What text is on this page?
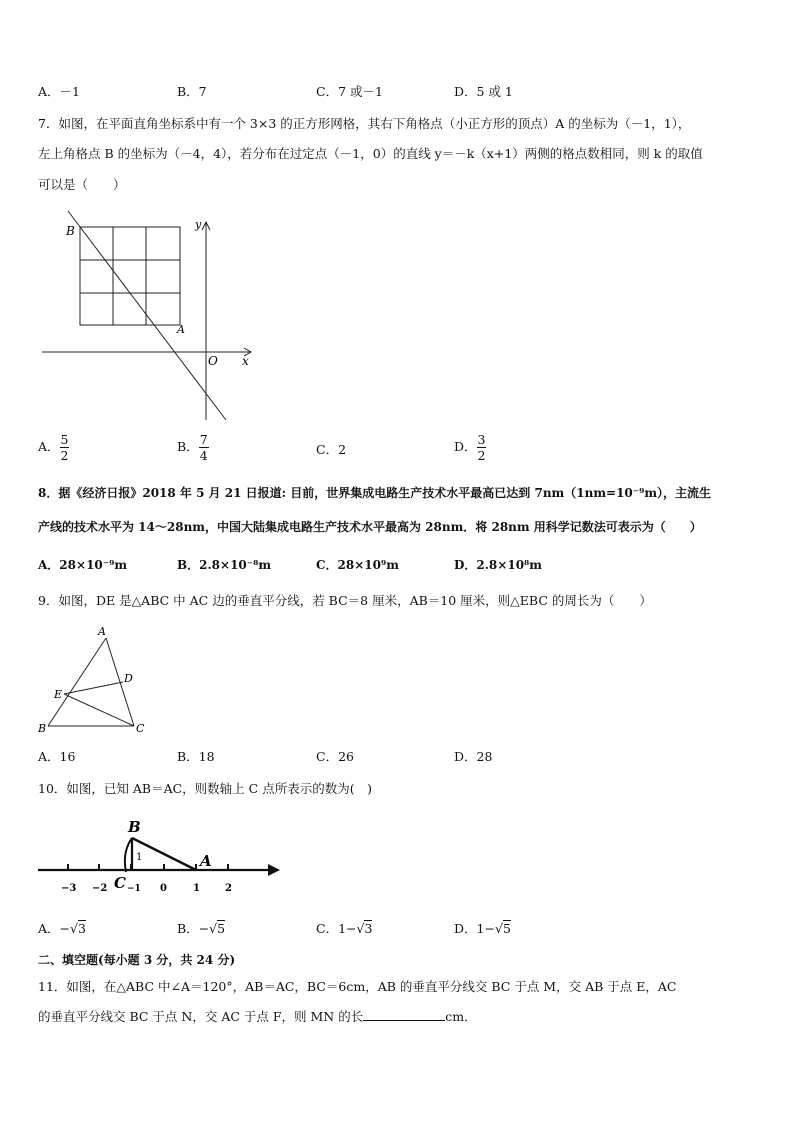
A．－1	B．7	C．7 或－1	D．5 或 1
7．如图，在平面直角坐标系中有一个 3×3 的正方形网格，其右下角格点（小正方形的顶点）A 的坐标为（－1，1），
左上角格点 B 的坐标为（－4，4），若分布在过定点（－1，0）的直线 y＝－k（x+1）两侧的格点数相同，则 k 的取值
可以是（　　）
B
A
O x
y
A． $\frac{5}{2}$	B． $\frac{7}{4}$	C．2	D． $\frac{3}{2}$
8．据《经济日报》2018 年 5 月 21 日报道: 目前，世界集成电路生产技术水平最高已达到 7nm（1nm=10⁻⁹m），主流生
产线的技术水平为 14～28nm，中国大陆集成电路生产技术水平最高为 28nm．将 28nm 用科学记数法可表示为（　　）
A．28×10⁻⁹m	B．2.8×10⁻⁸m	C．28×10⁹m	D．2.8×10⁸m
9．如图，DE 是△ABC 中 AC 边的垂直平分线，若 BC＝8 厘米，AB＝10 厘米，则△EBC 的周长为（　　）
A
B	C
D
E
A．16	B．18	C．26	D．28
10．如图，已知 AB＝AC，则数轴上 C 点所表示的数为(　)
B
A
C
1
−3 −2 −1 0	1	2
A．−√3	B．−√5	C．1−√3	D．1−√5
二、填空题(每小题 3 分，共 24 分)
11．如图，在△ABC 中∠A＝120°，AB＝AC，BC＝6cm，AB 的垂直平分线交 BC 于点 M，交 AB 于点 E，AC
的垂直平分线交 BC 于点 N，交 AC 于点 F，则 MN 的长	cm．
